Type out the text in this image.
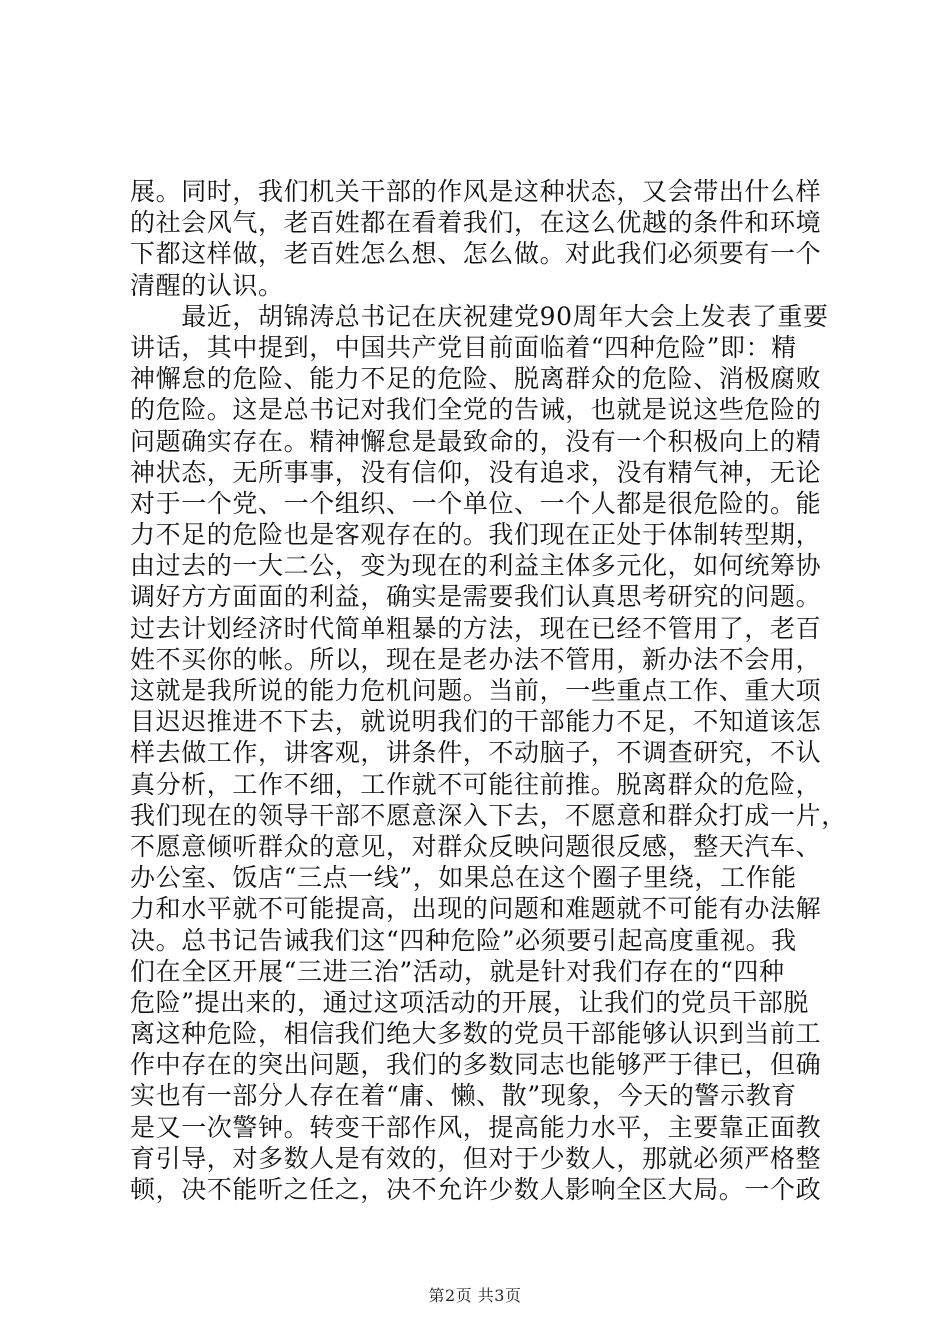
展。同时，我们机关干部的作风是这种状态，又会带出什么样
的社会风气，老百姓都在看着我们，在这么优越的条件和环境
下都这样做，老百姓怎么想、怎么做。对此我们必须要有一个
清醒的认识。
　　最近，胡锦涛总书记在庆祝建党90周年大会上发表了重要
讲话，其中提到，中国共产党目前面临着“四种危险”即：精
神懈怠的危险、能力不足的危险、脱离群众的危险、消极腐败
的危险。这是总书记对我们全党的告诫，也就是说这些危险的
问题确实存在。精神懈怠是最致命的，没有一个积极向上的精
神状态，无所事事，没有信仰，没有追求，没有精气神，无论
对于一个党、一个组织、一个单位、一个人都是很危险的。能
力不足的危险也是客观存在的。我们现在正处于体制转型期，
由过去的一大二公，变为现在的利益主体多元化，如何统筹协
调好方方面面的利益，确实是需要我们认真思考研究的问题。
过去计划经济时代简单粗暴的方法，现在已经不管用了，老百
姓不买你的帐。所以，现在是老办法不管用，新办法不会用，
这就是我所说的能力危机问题。当前，一些重点工作、重大项
目迟迟推进不下去，就说明我们的干部能力不足，不知道该怎
样去做工作，讲客观，讲条件，不动脑子，不调查研究，不认
真分析，工作不细，工作就不可能往前推。脱离群众的危险，
我们现在的领导干部不愿意深入下去，不愿意和群众打成一片，
不愿意倾听群众的意见，对群众反映问题很反感，整天汽车、
办公室、饭店“三点一线”，如果总在这个圈子里绕，工作能
力和水平就不可能提高，出现的问题和难题就不可能有办法解
决。总书记告诫我们这“四种危险”必须要引起高度重视。我
们在全区开展“三进三治”活动，就是针对我们存在的“四种
危险”提出来的，通过这项活动的开展，让我们的党员干部脱
离这种危险，相信我们绝大多数的党员干部能够认识到当前工
作中存在的突出问题，我们的多数同志也能够严于律已，但确
实也有一部分人存在着“庸、懒、散”现象，今天的警示教育
是又一次警钟。转变干部作风，提高能力水平，主要靠正面教
育引导，对多数人是有效的，但对于少数人，那就必须严格整
顿，决不能听之任之，决不允许少数人影响全区大局。一个政
第2页 共3页
